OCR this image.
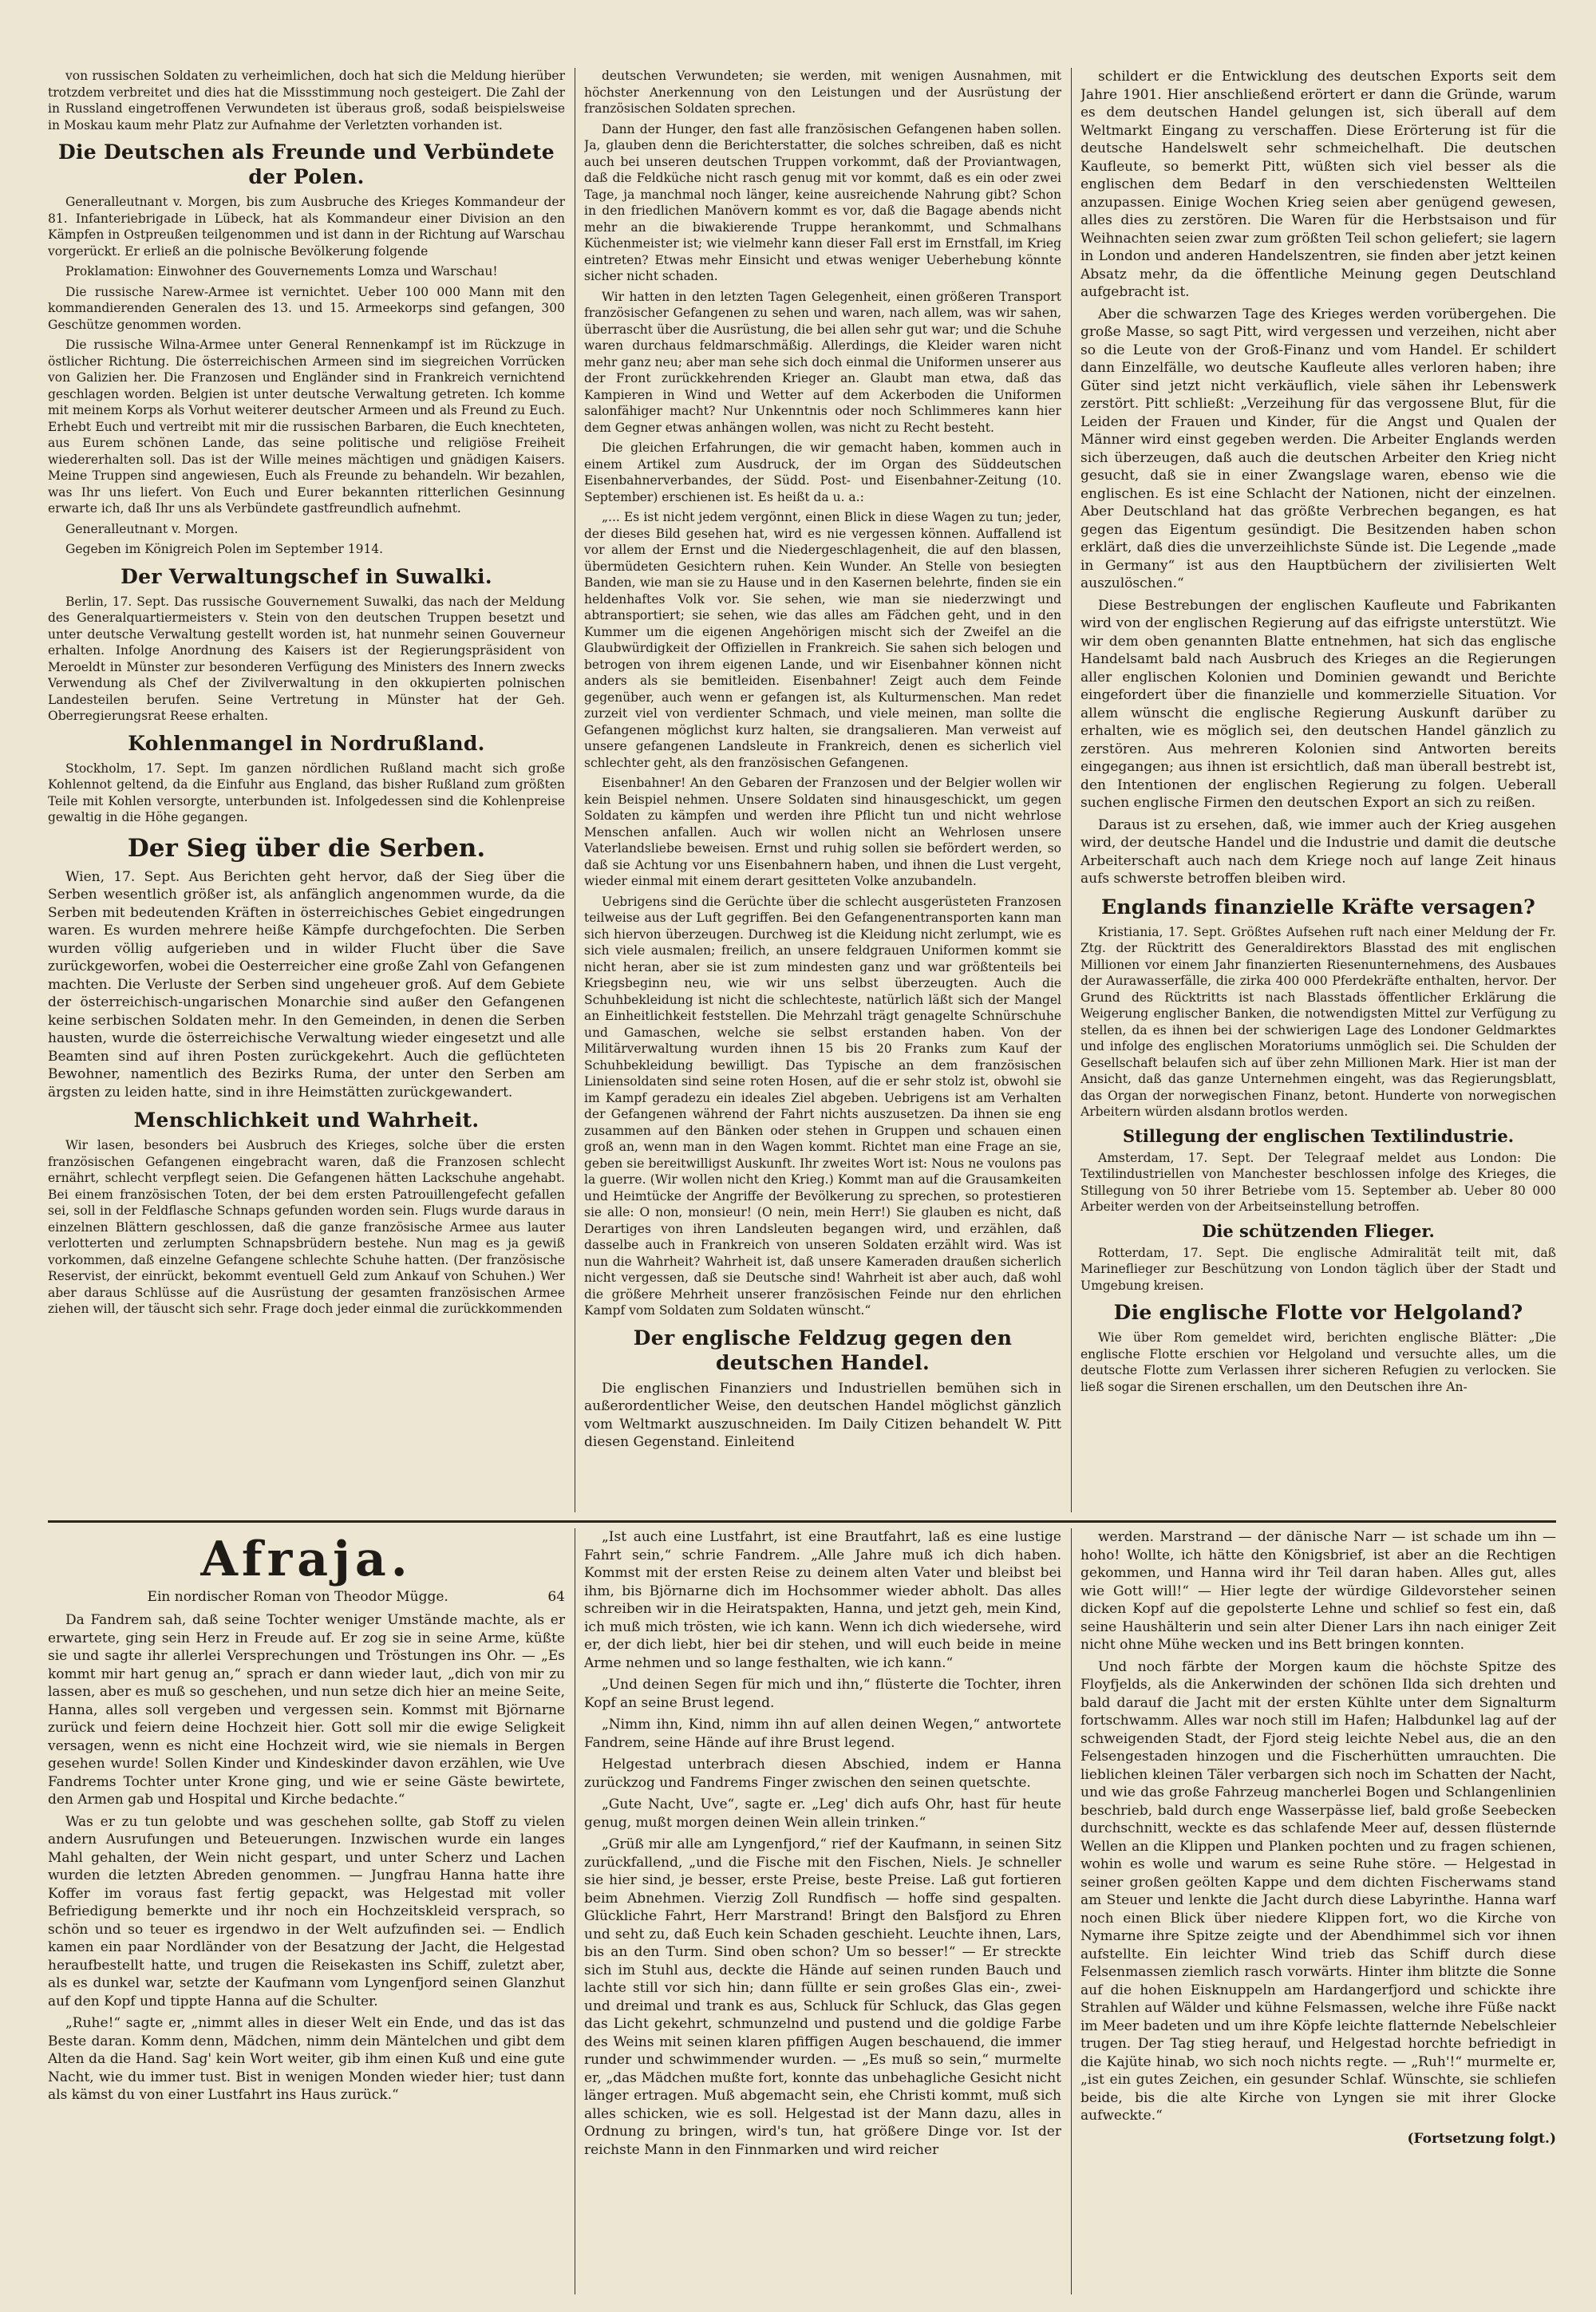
von russischen Soldaten zu verheimlichen, doch hat sich die Meldung hierüber trotzdem verbreitet und dies hat die Missstimmung noch gesteigert. Die Zahl der in Russland eingetroffenen Verwundeten ist überaus groß, sodaß beispielsweise in Moskau kaum mehr Platz zur Aufnahme der Verletzten vorhanden ist.

Die Deutschen als Freunde und Verbündete der Polen.

Generalleutnant v. Morgen, bis zum Ausbruche des Krieges Kommandeur der 81. Infanteriebrigade in Lübeck, hat als Kommandeur einer Division an den Kämpfen in Ostpreußen teilgenommen und ist dann in der Richtung auf Warschau vorgerückt. Er erließ an die polnische Bevölkerung folgende

Proklamation: Einwohner des Gouvernements Lomza und Warschau!

Die russische Narew-Armee ist vernichtet. Ueber 100 000 Mann mit den kommandierenden Generalen des 13. und 15. Armeekorps sind gefangen, 300 Geschütze genommen worden.

Die russische Wilna-Armee unter General Rennenkampf ist im Rückzuge in östlicher Richtung. Die österreichischen Armeen sind im siegreichen Vorrücken von Galizien her. Die Franzosen und Engländer sind in Frankreich vernichtend geschlagen worden. Belgien ist unter deutsche Verwaltung getreten. Ich komme mit meinem Korps als Vorhut weiterer deutscher Armeen und als Freund zu Euch. Erhebt Euch und vertreibt mit mir die russischen Barbaren, die Euch knechteten, aus Eurem schönen Lande, das seine politische und religiöse Freiheit wiedererhalten soll. Das ist der Wille meines mächtigen und gnädigen Kaisers. Meine Truppen sind angewiesen, Euch als Freunde zu behandeln. Wir bezahlen, was Ihr uns liefert. Von Euch und Eurer bekannten ritterlichen Gesinnung erwarte ich, daß Ihr uns als Verbündete gastfreundlich aufnehmt.

Generalleutnant v. Morgen.

Gegeben im Königreich Polen im September 1914.

Der Verwaltungschef in Suwalki.

Berlin, 17. Sept. Das russische Gouvernement Suwalki, das nach der Meldung des Generalquartiermeisters v. Stein von den deutschen Truppen besetzt und unter deutsche Verwaltung gestellt worden ist, hat nunmehr seinen Gouverneur erhalten. Infolge Anordnung des Kaisers ist der Regierungspräsident von Meroeldt in Münster zur besonderen Verfügung des Ministers des Innern zwecks Verwendung als Chef der Zivilverwaltung in den okkupierten polnischen Landesteilen berufen. Seine Vertretung in Münster hat der Geh. Oberregierungsrat Reese erhalten.

Kohlenmangel in Nordrußland.

Stockholm, 17. Sept. Im ganzen nördlichen Rußland macht sich große Kohlennot geltend, da die Einfuhr aus England, das bisher Rußland zum größten Teile mit Kohlen versorgte, unterbunden ist. Infolgedessen sind die Kohlenpreise gewaltig in die Höhe gegangen.

Der Sieg über die Serben.

Wien, 17. Sept. Aus Berichten geht hervor, daß der Sieg über die Serben wesentlich größer ist, als anfänglich angenommen wurde, da die Serben mit bedeutenden Kräften in österreichisches Gebiet eingedrungen waren. Es wurden mehrere heiße Kämpfe durchgefochten. Die Serben wurden völlig aufgerieben und in wilder Flucht über die Save zurückgeworfen, wobei die Oesterreicher eine große Zahl von Gefangenen machten. Die Verluste der Serben sind ungeheuer groß. Auf dem Gebiete der österreichisch-ungarischen Monarchie sind außer den Gefangenen keine serbischen Soldaten mehr. In den Gemeinden, in denen die Serben hausten, wurde die österreichische Verwaltung wieder eingesetzt und alle Beamten sind auf ihren Posten zurückgekehrt. Auch die geflüchteten Bewohner, namentlich des Bezirks Ruma, der unter den Serben am ärgsten zu leiden hatte, sind in ihre Heimstätten zurückgewandert.

Menschlichkeit und Wahrheit.

Wir lasen, besonders bei Ausbruch des Krieges, solche über die ersten französischen Gefangenen eingebracht waren, daß die Franzosen schlecht ernährt, schlecht verpflegt seien. Die Gefangenen hätten Lackschuhe angehabt. Bei einem französischen Toten, der bei dem ersten Patrouillengefecht gefallen sei, soll in der Feldflasche Schnaps gefunden worden sein. Flugs wurde daraus in einzelnen Blättern geschlossen, daß die ganze französische Armee aus lauter verlotterten und zerlumpten Schnapsbrüdern bestehe. Nun mag es ja gewiß vorkommen, daß einzelne Gefangene schlechte Schuhe hatten. (Der französische Reservist, der einrückt, bekommt eventuell Geld zum Ankauf von Schuhen.) Wer aber daraus Schlüsse auf die Ausrüstung der gesamten französischen Armee ziehen will, der täuscht sich sehr. Frage doch jeder einmal die zurückkommenden

deutschen Verwundeten; sie werden, mit wenigen Ausnahmen, mit höchster Anerkennung von den Leistungen und der Ausrüstung der französischen Soldaten sprechen.

Dann der Hunger, den fast alle französischen Gefangenen haben sollen. Ja, glauben denn die Berichterstatter, die solches schreiben, daß es nicht auch bei unseren deutschen Truppen vorkommt, daß der Proviantwagen, daß die Feldküche nicht rasch genug mit vor kommt, daß es ein oder zwei Tage, ja manchmal noch länger, keine ausreichende Nahrung gibt? Schon in den friedlichen Manövern kommt es vor, daß die Bagage abends nicht mehr an die biwakierende Truppe herankommt, und Schmalhans Küchenmeister ist; wie vielmehr kann dieser Fall erst im Ernstfall, im Krieg eintreten? Etwas mehr Einsicht und etwas weniger Ueberhebung könnte sicher nicht schaden.

Wir hatten in den letzten Tagen Gelegenheit, einen größeren Transport französischer Gefangenen zu sehen und waren, nach allem, was wir sahen, überrascht über die Ausrüstung, die bei allen sehr gut war; und die Schuhe waren durchaus feldmarschmäßig. Allerdings, die Kleider waren nicht mehr ganz neu; aber man sehe sich doch einmal die Uniformen unserer aus der Front zurückkehrenden Krieger an. Glaubt man etwa, daß das Kampieren in Wind und Wetter auf dem Ackerboden die Uniformen salonfähiger macht? Nur Unkenntnis oder noch Schlimmeres kann hier dem Gegner etwas anhängen wollen, was nicht zu Recht besteht.

Die gleichen Erfahrungen, die wir gemacht haben, kommen auch in einem Artikel zum Ausdruck, der im Organ des Süddeutschen Eisenbahnerverbandes, der Südd. Post- und Eisenbahner-Zeitung (10. September) erschienen ist. Es heißt da u. a.:

„... Es ist nicht jedem vergönnt, einen Blick in diese Wagen zu tun; jeder, der dieses Bild gesehen hat, wird es nie vergessen können. Auffallend ist vor allem der Ernst und die Niedergeschlagenheit, die auf den blassen, übermüdeten Gesichtern ruhen. Kein Wunder. An Stelle von besiegten Banden, wie man sie zu Hause und in den Kasernen belehrte, finden sie ein heldenhaftes Volk vor. Sie sehen, wie man sie niederzwingt und abtransportiert; sie sehen, wie das alles am Fädchen geht, und in den Kummer um die eigenen Angehörigen mischt sich der Zweifel an die Glaubwürdigkeit der Offiziellen in Frankreich. Sie sahen sich belogen und betrogen von ihrem eigenen Lande, und wir Eisenbahner können nicht anders als sie bemitleiden. Eisenbahner! Zeigt auch dem Feinde gegenüber, auch wenn er gefangen ist, als Kulturmenschen. Man redet zurzeit viel von verdienter Schmach, und viele meinen, man sollte die Gefangenen möglichst kurz halten, sie drangsalieren. Man verweist auf unsere gefangenen Landsleute in Frankreich, denen es sicherlich viel schlechter geht, als den französischen Gefangenen.

Eisenbahner! An den Gebaren der Franzosen und der Belgier wollen wir kein Beispiel nehmen. Unsere Soldaten sind hinausgeschickt, um gegen Soldaten zu kämpfen und werden ihre Pflicht tun und nicht wehrlose Menschen anfallen. Auch wir wollen nicht an Wehrlosen unsere Vaterlandsliebe beweisen. Ernst und ruhig sollen sie befördert werden, so daß sie Achtung vor uns Eisenbahnern haben, und ihnen die Lust vergeht, wieder einmal mit einem derart gesitteten Volke anzubandeln.

Uebrigens sind die Gerüchte über die schlecht ausgerüsteten Franzosen teilweise aus der Luft gegriffen. Bei den Gefangenentransporten kann man sich hiervon überzeugen. Durchweg ist die Kleidung nicht zerlumpt, wie es sich viele ausmalen; freilich, an unsere feldgrauen Uniformen kommt sie nicht heran, aber sie ist zum mindesten ganz und war größtenteils bei Kriegsbeginn neu, wie wir uns selbst überzeugten. Auch die Schuhbekleidung ist nicht die schlechteste, natürlich läßt sich der Mangel an Einheitlichkeit feststellen. Die Mehrzahl trägt genagelte Schnürschuhe und Gamaschen, welche sie selbst erstanden haben. Von der Militärverwaltung wurden ihnen 15 bis 20 Franks zum Kauf der Schuhbekleidung bewilligt. Das Typische an dem französischen Liniensoldaten sind seine roten Hosen, auf die er sehr stolz ist, obwohl sie im Kampf geradezu ein ideales Ziel abgeben. Uebrigens ist am Verhalten der Gefangenen während der Fahrt nichts auszusetzen. Da ihnen sie eng zusammen auf den Bänken oder stehen in Gruppen und schauen einen groß an, wenn man in den Wagen kommt. Richtet man eine Frage an sie, geben sie bereitwilligst Auskunft. Ihr zweites Wort ist: Nous ne voulons pas la guerre. (Wir wollen nicht den Krieg.) Kommt man auf die Grausamkeiten und Heimtücke der Angriffe der Bevölkerung zu sprechen, so protestieren sie alle: O non, monsieur! (O nein, mein Herr!) Sie glauben es nicht, daß Derartiges von ihren Landsleuten begangen wird, und erzählen, daß dasselbe auch in Frankreich von unseren Soldaten erzählt wird. Was ist nun die Wahrheit? Wahrheit ist, daß unsere Kameraden draußen sicherlich nicht vergessen, daß sie Deutsche sind! Wahrheit ist aber auch, daß wohl die größere Mehrheit unserer französischen Feinde nur den ehrlichen Kampf vom Soldaten zum Soldaten wünscht.“

Der englische Feldzug gegen den deutschen Handel.

Die englischen Finanziers und Industriellen bemühen sich in außerordentlicher Weise, den deutschen Handel möglichst gänzlich vom Weltmarkt auszuschneiden. Im Daily Citizen behandelt W. Pitt diesen Gegenstand. Einleitend

schildert er die Entwicklung des deutschen Exports seit dem Jahre 1901. Hier anschließend erörtert er dann die Gründe, warum es dem deutschen Handel gelungen ist, sich überall auf dem Weltmarkt Eingang zu verschaffen. Diese Erörterung ist für die deutsche Handelswelt sehr schmeichelhaft. Die deutschen Kaufleute, so bemerkt Pitt, wüßten sich viel besser als die englischen dem Bedarf in den verschiedensten Weltteilen anzupassen. Einige Wochen Krieg seien aber genügend gewesen, alles dies zu zerstören. Die Waren für die Herbstsaison und für Weihnachten seien zwar zum größten Teil schon geliefert; sie lagern in London und anderen Handelszentren, sie finden aber jetzt keinen Absatz mehr, da die öffentliche Meinung gegen Deutschland aufgebracht ist.

Aber die schwarzen Tage des Krieges werden vorübergehen. Die große Masse, so sagt Pitt, wird vergessen und verzeihen, nicht aber so die Leute von der Groß-Finanz und vom Handel. Er schildert dann Einzelfälle, wo deutsche Kaufleute alles verloren haben; ihre Güter sind jetzt nicht verkäuflich, viele sähen ihr Lebenswerk zerstört. Pitt schließt: „Verzeihung für das vergossene Blut, für die Leiden der Frauen und Kinder, für die Angst und Qualen der Männer wird einst gegeben werden. Die Arbeiter Englands werden sich überzeugen, daß auch die deutschen Arbeiter den Krieg nicht gesucht, daß sie in einer Zwangslage waren, ebenso wie die englischen. Es ist eine Schlacht der Nationen, nicht der einzelnen. Aber Deutschland hat das größte Verbrechen begangen, es hat gegen das Eigentum gesündigt. Die Besitzenden haben schon erklärt, daß dies die unverzeihlichste Sünde ist. Die Legende „made in Germany“ ist aus den Hauptbüchern der zivilisierten Welt auszulöschen.“

Diese Bestrebungen der englischen Kaufleute und Fabrikanten wird von der englischen Regierung auf das eifrigste unterstützt. Wie wir dem oben genannten Blatte entnehmen, hat sich das englische Handelsamt bald nach Ausbruch des Krieges an die Regierungen aller englischen Kolonien und Dominien gewandt und Berichte eingefordert über die finanzielle und kommerzielle Situation. Vor allem wünscht die englische Regierung Auskunft darüber zu erhalten, wie es möglich sei, den deutschen Handel gänzlich zu zerstören. Aus mehreren Kolonien sind Antworten bereits eingegangen; aus ihnen ist ersichtlich, daß man überall bestrebt ist, den Intentionen der englischen Regierung zu folgen. Ueberall suchen englische Firmen den deutschen Export an sich zu reißen.

Daraus ist zu ersehen, daß, wie immer auch der Krieg ausgehen wird, der deutsche Handel und die Industrie und damit die deutsche Arbeiterschaft auch nach dem Kriege noch auf lange Zeit hinaus aufs schwerste betroffen bleiben wird.

Englands finanzielle Kräfte versagen?

Kristiania, 17. Sept. Größtes Aufsehen ruft nach einer Meldung der Fr. Ztg. der Rücktritt des Generaldirektors Blasstad des mit englischen Millionen vor einem Jahr finanzierten Riesenunternehmens, des Ausbaues der Aurawasserfälle, die zirka 400 000 Pferdekräfte enthalten, hervor. Der Grund des Rücktritts ist nach Blasstads öffentlicher Erklärung die Weigerung englischer Banken, die notwendigsten Mittel zur Verfügung zu stellen, da es ihnen bei der schwierigen Lage des Londoner Geldmarktes und infolge des englischen Moratoriums unmöglich sei. Die Schulden der Gesellschaft belaufen sich auf über zehn Millionen Mark. Hier ist man der Ansicht, daß das ganze Unternehmen eingeht, was das Regierungsblatt, das Organ der norwegischen Finanz, betont. Hunderte von norwegischen Arbeitern würden alsdann brotlos werden.

Stillegung der englischen Textilindustrie.

Amsterdam, 17. Sept. Der Telegraaf meldet aus London: Die Textilindustriellen von Manchester beschlossen infolge des Krieges, die Stillegung von 50 ihrer Betriebe vom 15. September ab. Ueber 80 000 Arbeiter werden von der Arbeitseinstellung betroffen.

Die schützenden Flieger.

Rotterdam, 17. Sept. Die englische Admiralität teilt mit, daß Marineflieger zur Beschützung von London täglich über der Stadt und Umgebung kreisen.

Die englische Flotte vor Helgoland?

Wie über Rom gemeldet wird, berichten englische Blätter: „Die englische Flotte erschien vor Helgoland und versuchte alles, um die deutsche Flotte zum Verlassen ihrer sicheren Refugien zu verlocken. Sie ließ sogar die Sirenen erschallen, um den Deutschen ihre An-

Afraja.
Ein nordischer Roman von Theodor Mügge.	64

Da Fandrem sah, daß seine Tochter weniger Umstände machte, als er erwartete, ging sein Herz in Freude auf. Er zog sie in seine Arme, küßte sie und sagte ihr allerlei Versprechungen und Tröstungen ins Ohr. — „Es kommt mir hart genug an,“ sprach er dann wieder laut, „dich von mir zu lassen, aber es muß so geschehen, und nun setze dich hier an meine Seite, Hanna, alles soll vergeben und vergessen sein. Kommst mit Björnarne zurück und feiern deine Hochzeit hier. Gott soll mir die ewige Seligkeit versagen, wenn es nicht eine Hochzeit wird, wie sie niemals in Bergen gesehen wurde! Sollen Kinder und Kindeskinder davon erzählen, wie Uve Fandrems Tochter unter Krone ging, und wie er seine Gäste bewirtete, den Armen gab und Hospital und Kirche bedachte.“

Was er zu tun gelobte und was geschehen sollte, gab Stoff zu vielen andern Ausrufungen und Beteuerungen. Inzwischen wurde ein langes Mahl gehalten, der Wein nicht gespart, und unter Scherz und Lachen wurden die letzten Abreden genommen. — Jungfrau Hanna hatte ihre Koffer im voraus fast fertig gepackt, was Helgestad mit voller Befriedigung bemerkte und ihr noch ein Hochzeitskleid versprach, so schön und so teuer es irgendwo in der Welt aufzufinden sei. — Endlich kamen ein paar Nordländer von der Besatzung der Jacht, die Helgestad heraufbestellt hatte, und trugen die Reisekasten ins Schiff, zuletzt aber, als es dunkel war, setzte der Kaufmann vom Lyngenfjord seinen Glanzhut auf den Kopf und tippte Hanna auf die Schulter.

„Ruhe!“ sagte er, „nimmt alles in dieser Welt ein Ende, und das ist das Beste daran. Komm denn, Mädchen, nimm dein Mäntelchen und gibt dem Alten da die Hand. Sag' kein Wort weiter, gib ihm einen Kuß und eine gute Nacht, wie du immer tust. Bist in wenigen Monden wieder hier; tust dann als kämst du von einer Lustfahrt ins Haus zurück.“

„Ist auch eine Lustfahrt, ist eine Brautfahrt, laß es eine lustige Fahrt sein,“ schrie Fandrem. „Alle Jahre muß ich dich haben. Kommst mit der ersten Reise zu deinem alten Vater und bleibst bei ihm, bis Björnarne dich im Hochsommer wieder abholt. Das alles schreiben wir in die Heiratspakten, Hanna, und jetzt geh, mein Kind, ich muß mich trösten, wie ich kann. Wenn ich dich wiedersehe, wird er, der dich liebt, hier bei dir stehen, und will euch beide in meine Arme nehmen und so lange festhalten, wie ich kann.“

„Und deinen Segen für mich und ihn,“ flüsterte die Tochter, ihren Kopf an seine Brust legend.

„Nimm ihn, Kind, nimm ihn auf allen deinen Wegen,“ antwortete Fandrem, seine Hände auf ihre Brust legend.

Helgestad unterbrach diesen Abschied, indem er Hanna zurückzog und Fandrems Finger zwischen den seinen quetschte.

„Gute Nacht, Uve“, sagte er. „Leg' dich aufs Ohr, hast für heute genug, mußt morgen deinen Wein allein trinken.“

„Grüß mir alle am Lyngenfjord,“ rief der Kaufmann, in seinen Sitz zurückfallend, „und die Fische mit den Fischen, Niels. Je schneller sie hier sind, je besser, erste Preise, beste Preise. Laß gut fortieren beim Abnehmen. Vierzig Zoll Rundfisch — hoffe sind gespalten. Glückliche Fahrt, Herr Marstrand! Bringt den Balsfjord zu Ehren und seht zu, daß Euch kein Schaden geschieht. Leuchte ihnen, Lars, bis an den Turm. Sind oben schon? Um so besser!“ — Er streckte sich im Stuhl aus, deckte die Hände auf seinen runden Bauch und lachte still vor sich hin; dann füllte er sein großes Glas ein-, zwei- und dreimal und trank es aus, Schluck für Schluck, das Glas gegen das Licht gekehrt, schmunzelnd und pustend und die goldige Farbe des Weins mit seinen klaren pfiffigen Augen beschauend, die immer runder und schwimmender wurden. — „Es muß so sein,“ murmelte er, „das Mädchen mußte fort, konnte das unbehagliche Gesicht nicht länger ertragen. Muß abgemacht sein, ehe Christi kommt, muß sich alles schicken, wie es soll. Helgestad ist der Mann dazu, alles in Ordnung zu bringen, wird's tun, hat größere Dinge vor. Ist der reichste Mann in den Finnmarken und wird reicher

werden. Marstrand — der dänische Narr — ist schade um ihn — hoho! Wollte, ich hätte den Königsbrief, ist aber an die Rechtigen gekommen, und Hanna wird ihr Teil daran haben. Alles gut, alles wie Gott will!“ — Hier legte der würdige Gildevorsteher seinen dicken Kopf auf die gepolsterte Lehne und schlief so fest ein, daß seine Haushälterin und sein alter Diener Lars ihn nach einiger Zeit nicht ohne Mühe wecken und ins Bett bringen konnten.

Und noch färbte der Morgen kaum die höchste Spitze des Floyfjelds, als die Ankerwinden der schönen Ilda sich drehten und bald darauf die Jacht mit der ersten Kühlte unter dem Signalturm fortschwamm. Alles war noch still im Hafen; Halbdunkel lag auf der schweigenden Stadt, der Fjord steig leichte Nebel aus, die an den Felsengestaden hinzogen und die Fischerhütten umrauchten. Die lieblichen kleinen Täler verbargen sich noch im Schatten der Nacht, und wie das große Fahrzeug mancherlei Bogen und Schlangenlinien beschrieb, bald durch enge Wasserpässe lief, bald große Seebecken durchschnitt, weckte es das schlafende Meer auf, dessen flüsternde Wellen an die Klippen und Planken pochten und zu fragen schienen, wohin es wolle und warum es seine Ruhe störe. — Helgestad in seiner großen geölten Kappe und dem dichten Fischerwams stand am Steuer und lenkte die Jacht durch diese Labyrinthe. Hanna warf noch einen Blick über niedere Klippen fort, wo die Kirche von Nymarne ihre Spitze zeigte und der Abendhimmel sich vor ihnen aufstellte. Ein leichter Wind trieb das Schiff durch diese Felsenmassen ziemlich rasch vorwärts. Hinter ihm blitzte die Sonne auf die hohen Eisknuppeln am Hardangerfjord und schickte ihre Strahlen auf Wälder und kühne Felsmassen, welche ihre Füße nackt im Meer badeten und um ihre Köpfe leichte flatternde Nebelschleier trugen. Der Tag stieg herauf, und Helgestad horchte befriedigt in die Kajüte hinab, wo sich noch nichts regte. — „Ruh'!“ murmelte er, „ist ein gutes Zeichen, ein gesunder Schlaf. Wünschte, sie schliefen beide, bis die alte Kirche von Lyngen sie mit ihrer Glocke aufweckte.“

(Fortsetzung folgt.)
